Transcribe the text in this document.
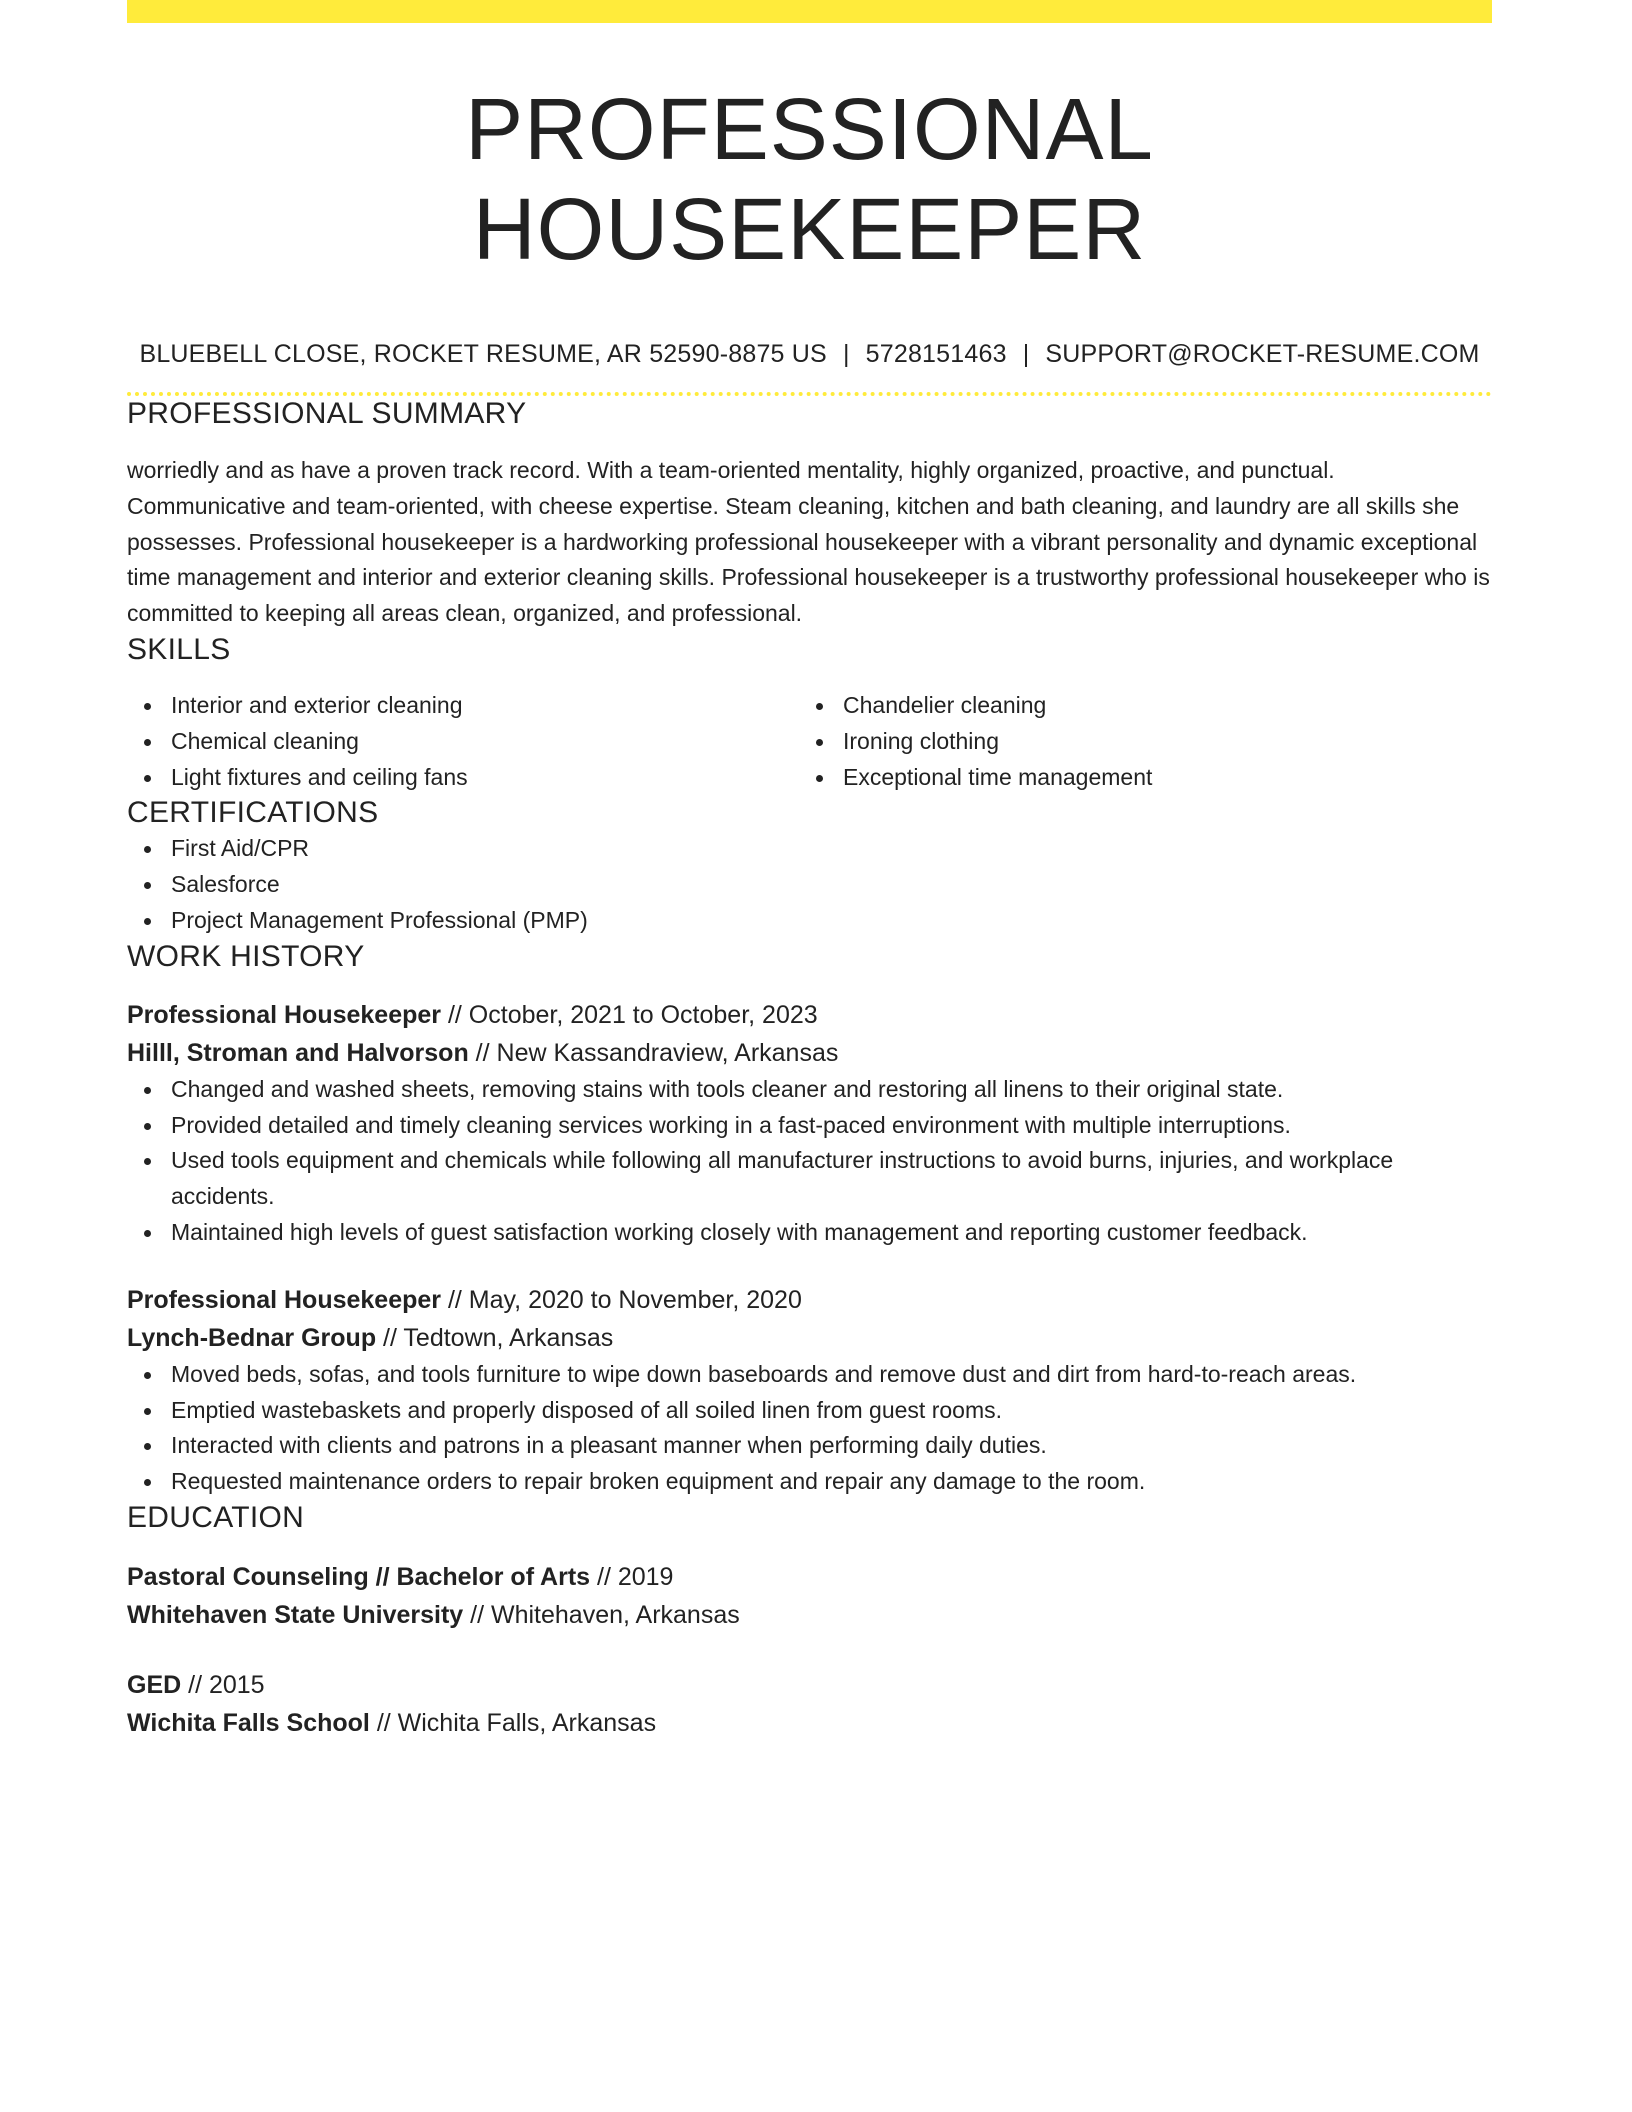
PROFESSIONAL HOUSEKEEPER
BLUEBELL CLOSE, ROCKET RESUME, AR 52590-8875 US | 5728151463 | SUPPORT@ROCKET-RESUME.COM
PROFESSIONAL SUMMARY

worriedly and as have a proven track record. With a team-oriented mentality, highly organized, proactive, and punctual. Communicative and team-oriented, with cheese expertise. Steam cleaning, kitchen and bath cleaning, and laundry are all skills she possesses. Professional housekeeper is a hardworking professional housekeeper with a vibrant personality and dynamic exceptional time management and interior and exterior cleaning skills. Professional housekeeper is a trustworthy professional housekeeper who is committed to keeping all areas clean, organized, and professional.

SKILLS
Interior and exterior cleaning
Chemical cleaning
Light fixtures and ceiling fans
Chandelier cleaning
Ironing clothing
Exceptional time management
CERTIFICATIONS
First Aid/CPR
Salesforce
Project Management Professional (PMP)
WORK HISTORY
Professional Housekeeper // October, 2021 to October, 2023
Hilll, Stroman and Halvorson // New Kassandraview, Arkansas
Changed and washed sheets, removing stains with tools cleaner and restoring all linens to their original state.
Provided detailed and timely cleaning services working in a fast-paced environment with multiple interruptions.
Used tools equipment and chemicals while following all manufacturer instructions to avoid burns, injuries, and workplace accidents.
Maintained high levels of guest satisfaction working closely with management and reporting customer feedback.
Professional Housekeeper // May, 2020 to November, 2020
Lynch-Bednar Group // Tedtown, Arkansas
Moved beds, sofas, and tools furniture to wipe down baseboards and remove dust and dirt from hard-to-reach areas.
Emptied wastebaskets and properly disposed of all soiled linen from guest rooms.
Interacted with clients and patrons in a pleasant manner when performing daily duties.
Requested maintenance orders to repair broken equipment and repair any damage to the room.
EDUCATION
Pastoral Counseling // Bachelor of Arts // 2019
Whitehaven State University // Whitehaven, Arkansas
GED // 2015
Wichita Falls School // Wichita Falls, Arkansas
